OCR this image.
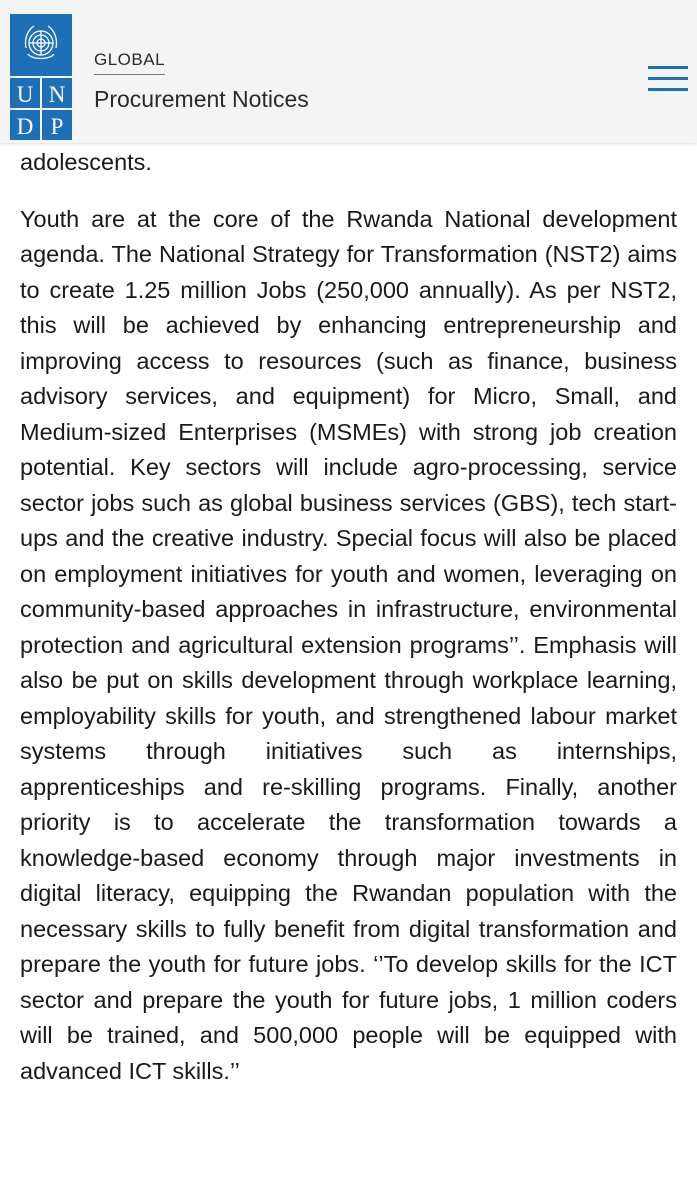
U N
D P
GLOBAL
Procurement Notices

adolescents.

Youth are at the core of the Rwanda National development agenda. The National Strategy for Transformation (NST2) aims to create 1.25 million Jobs (250,000 annually). As per NST2, this will be achieved by enhancing entrepreneurship and improving access to resources (such as finance, business advisory services, and equipment) for Micro, Small, and Medium-sized Enterprises (MSMEs) with strong job creation potential. Key sectors will include agro-processing, service sector jobs such as global business services (GBS), tech start-ups and the creative industry. Special focus will also be placed on employment initiatives for youth and women, leveraging on community-based approaches in infrastructure, environmental protection and agricultural extension programs’’. Emphasis will also be put on skills development through workplace learning, employability skills for youth, and strengthened labour market systems through initiatives such as internships, apprenticeships and re-skilling programs. Finally, another priority is to accelerate the transformation towards a knowledge-based economy through major investments in digital literacy, equipping the Rwandan population with the necessary skills to fully benefit from digital transformation and prepare the youth for future jobs. ‘’To develop skills for the ICT sector and prepare the youth for future jobs, 1 million coders will be trained, and 500,000 people will be equipped with advanced ICT skills.’’
